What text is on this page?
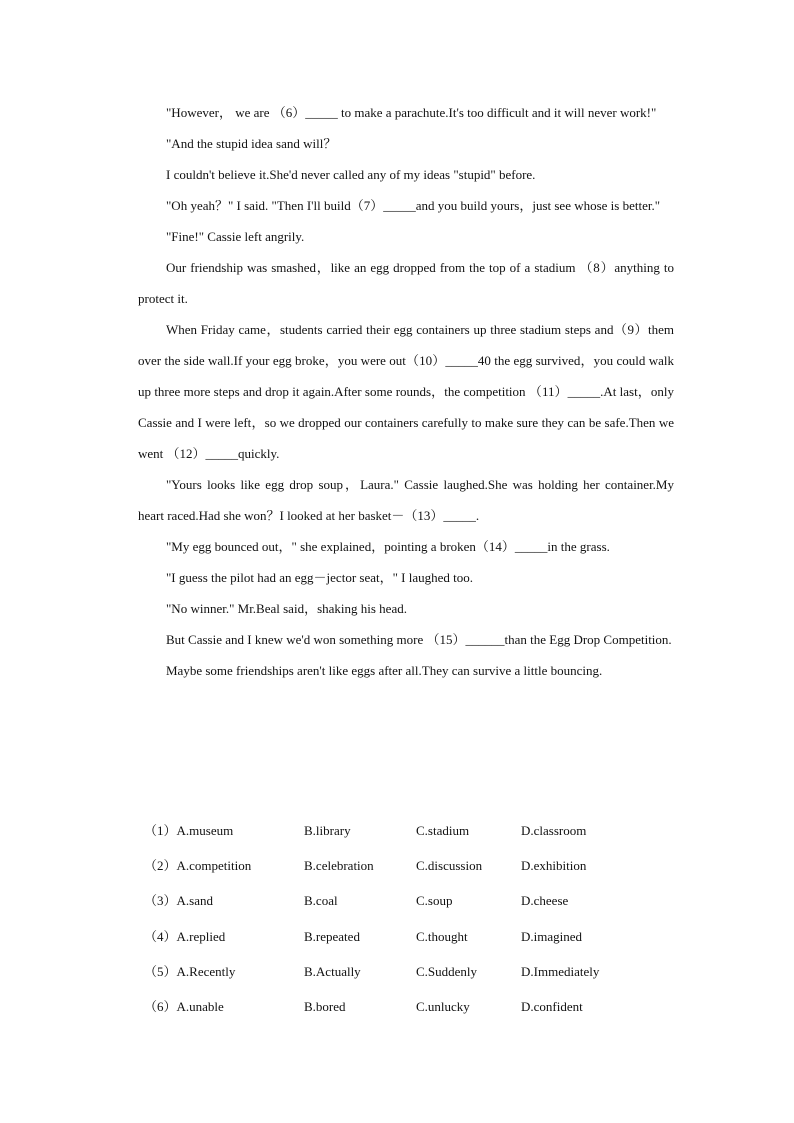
"However， we are （6）_____ to make a parachute.It's too difficult and it will never work!"
"And the stupid idea sand will？
I couldn't believe it.She'd never called any of my ideas "stupid" before.
"Oh yeah？" I said. "Then I'll build（7）_____and you build yours，just see whose is better."
"Fine!" Cassie left angrily.
Our friendship was smashed，like an egg dropped from the top of a stadium （8）anything to protect it.
When Friday came，students carried their egg containers up three stadium steps and（9）them over the side wall.If your egg broke，you were out（10）_____40 the egg survived，you could walk up three more steps and drop it again.After some rounds，the competition （11）_____.At last，only Cassie and I were left，so we dropped our containers carefully to make sure they can be safe.Then we went （12）_____quickly.
"Yours looks like egg drop soup，Laura." Cassie laughed.She was holding her container.My heart raced.Had she won？I looked at her basket－（13）_____.
"My egg bounced out，" she explained，pointing a broken（14）_____in the grass.
"I guess the pilot had an egg－jector seat，" I laughed too.
"No winner." Mr.Beal said，shaking his head.
But Cassie and I knew we'd won something more （15）______than the Egg Drop Competition.
Maybe some friendships aren't like eggs after all.They can survive a little bouncing.
（1）A.museum	B.library	C.stadium	D.classroom
（2）A.competition	B.celebration	C.discussion	D.exhibition
（3）A.sand	B.coal	C.soup	D.cheese
（4）A.replied	B.repeated	C.thought	D.imagined
（5）A.Recently	B.Actually	C.Suddenly	D.Immediately
（6）A.unable	B.bored	C.unlucky	D.confident
